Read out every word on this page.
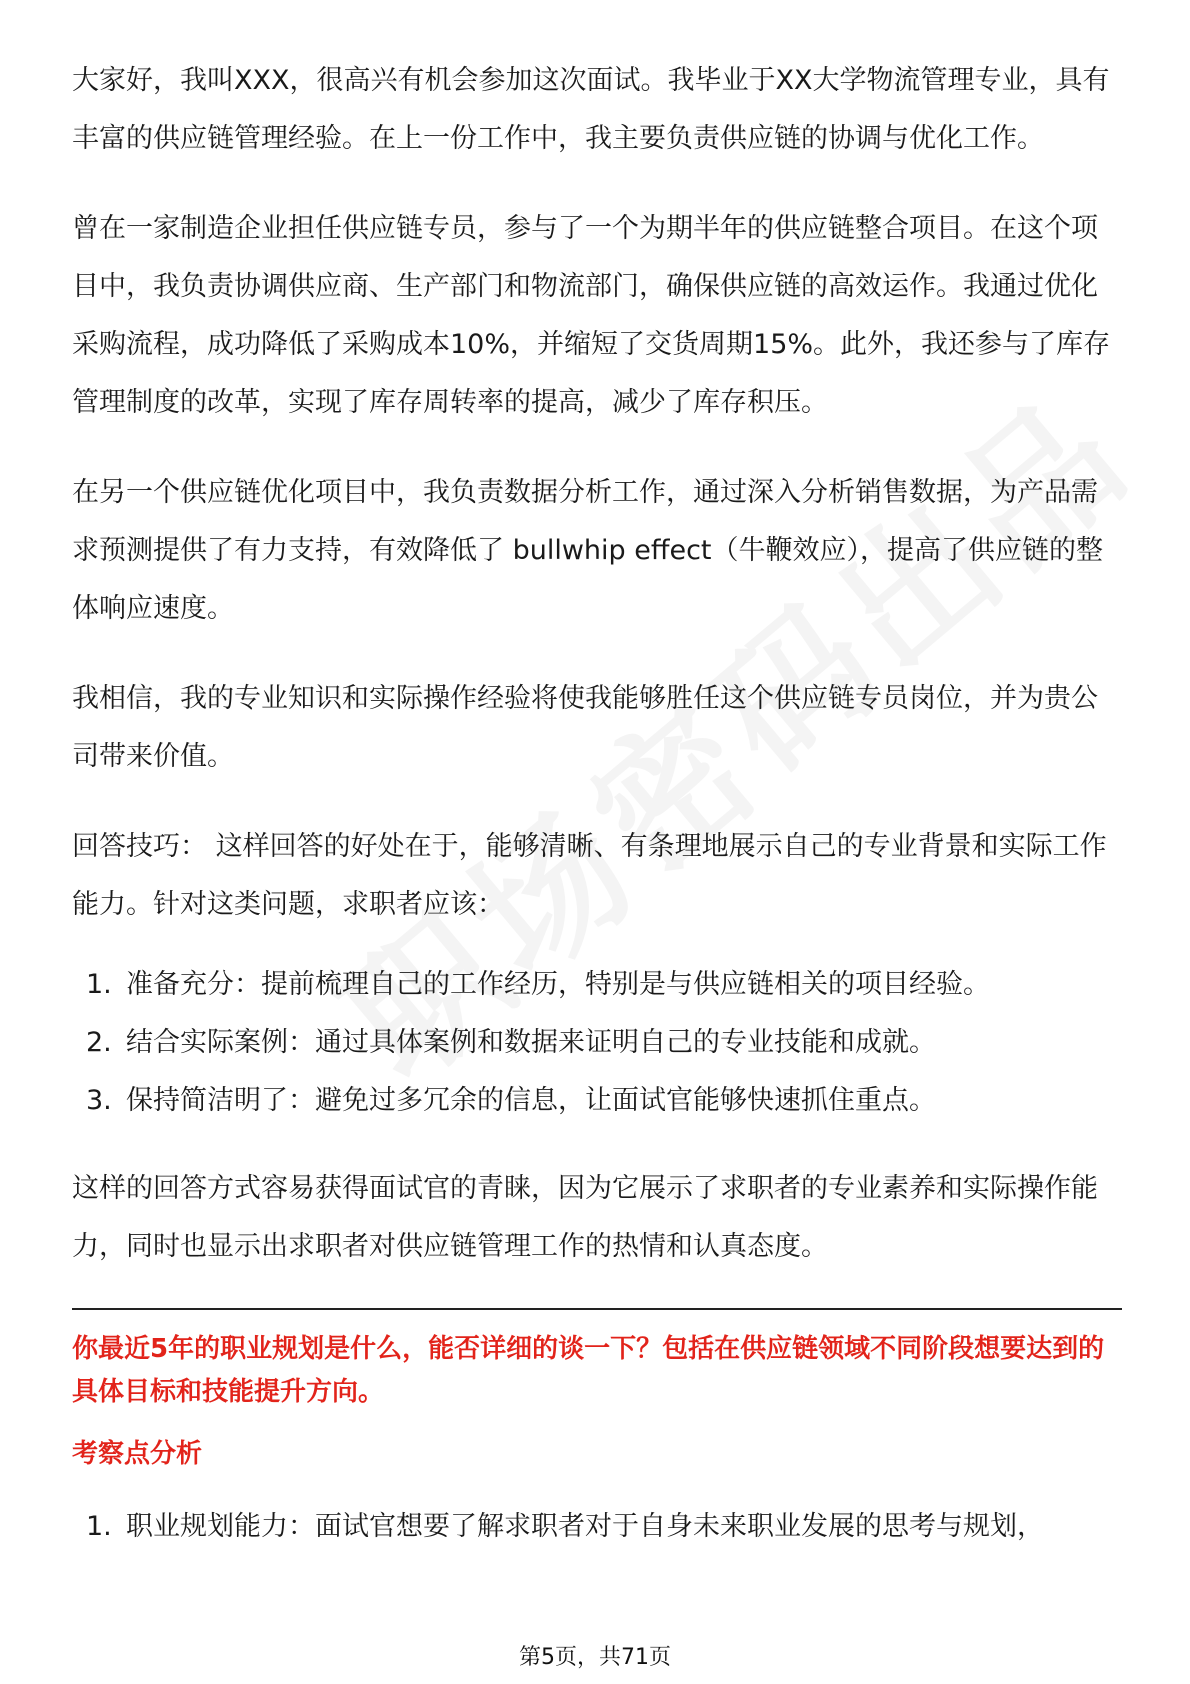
大家好，我叫XXX，很高兴有机会参加这次面试。我毕业于XX大学物流管理专业，具有丰富的供应链管理经验。在上一份工作中，我主要负责供应链的协调与优化工作。

曾在一家制造企业担任供应链专员，参与了一个为期半年的供应链整合项目。在这个项目中，我负责协调供应商、生产部门和物流部门，确保供应链的高效运作。我通过优化采购流程，成功降低了采购成本10%，并缩短了交货周期15%。此外，我还参与了库存管理制度的改革，实现了库存周转率的提高，减少了库存积压。

在另一个供应链优化项目中，我负责数据分析工作，通过深入分析销售数据，为产品需求预测提供了有力支持，有效降低了 bullwhip effect（牛鞭效应），提高了供应链的整体响应速度。

我相信，我的专业知识和实际操作经验将使我能够胜任这个供应链专员岗位，并为贵公司带来价值。

回答技巧： 这样回答的好处在于，能够清晰、有条理地展示自己的专业背景和实际工作能力。针对这类问题，求职者应该：

1. 准备充分：提前梳理自己的工作经历，特别是与供应链相关的项目经验。
2. 结合实际案例：通过具体案例和数据来证明自己的专业技能和成就。
3. 保持简洁明了：避免过多冗余的信息，让面试官能够快速抓住重点。

这样的回答方式容易获得面试官的青睐，因为它展示了求职者的专业素养和实际操作能力，同时也显示出求职者对供应链管理工作的热情和认真态度。

你最近5年的职业规划是什么，能否详细的谈一下？包括在供应链领域不同阶段想要达到的具体目标和技能提升方向。

考察点分析

1. 职业规划能力：面试官想要了解求职者对于自身未来职业发展的思考与规划，
第5页，共71页
